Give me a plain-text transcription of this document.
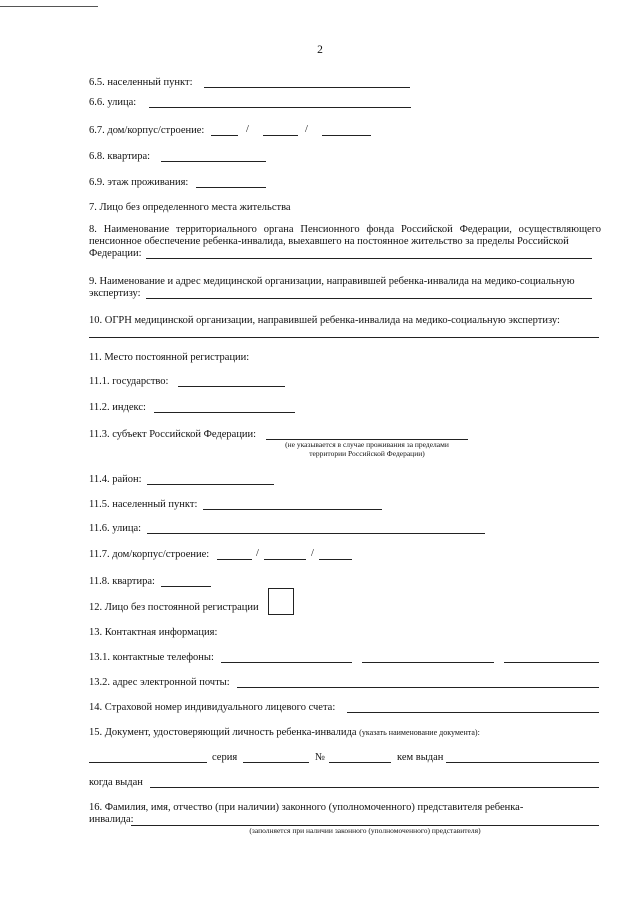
2
6.5. населенный пункт:
6.6. улица:
6.7. дом/корпус/строение:	/	/
6.8. квартира:
6.9. этаж проживания:
7. Лицо без определенного места жительства
8. Наименование территориального органа Пенсионного фонда Российской Федерации, осуществляющего пенсионное обеспечение ребенка-инвалида, выехавшего на постоянное жительство за пределы Российской
Федерации:
9. Наименование и адрес медицинской организации, направившей ребенка-инвалида на медико-социальную
экспертизу:
10. ОГРН медицинской организации, направившей ребенка-инвалида на медико-социальную экспертизу:
11. Место постоянной регистрации:
11.1. государство:
11.2. индекс:
11.3. субъект Российской Федерации:
(не указывается в случае проживания за пределами
территории Российской Федерации)
11.4. район:
11.5. населенный пункт:
11.6. улица:
11.7. дом/корпус/строение:	/	/
11.8. квартира:
12. Лицо без постоянной регистрации
13. Контактная информация:
13.1. контактные телефоны:
13.2. адрес электронной почты:
14. Страховой номер индивидуального лицевого счета:
15. Документ, удостоверяющий личность ребенка-инвалида (указать наименование документа):
серия	№	кем выдан
когда выдан
16. Фамилия, имя, отчество (при наличии) законного (уполномоченного) представителя ребенка-
инвалида:
(заполняется при наличии законного (уполномоченного) представителя)
